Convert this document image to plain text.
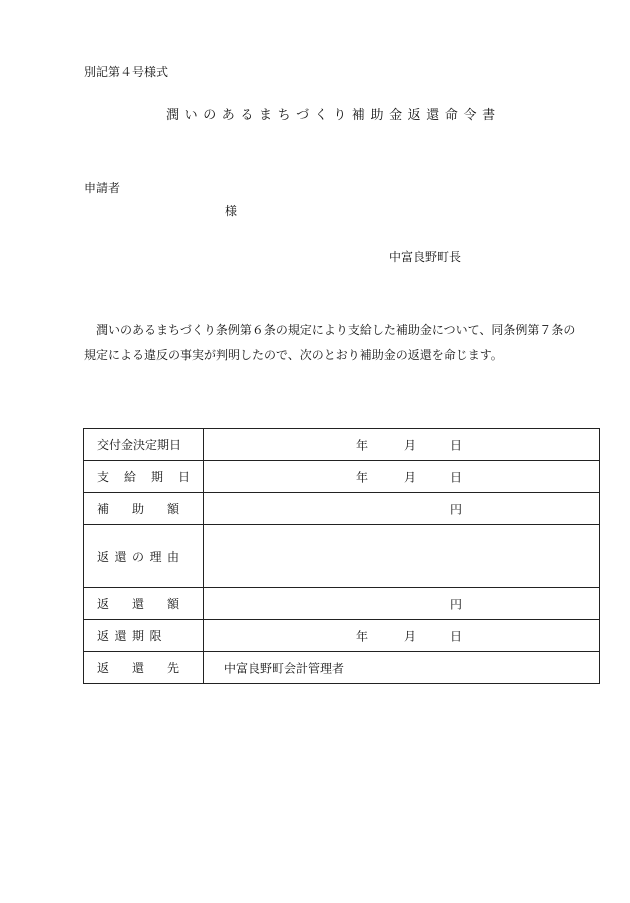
別記第４号様式
潤いのあるまちづくり補助金返還命令書
申請者
様
中富良野町長
潤いのあるまちづくり条例第６条の規定により支給した補助金について、同条例第７条の規定による違反の事実が判明したので、次のとおり補助金の返還を命じます。
交付金決定期日	年 月 日

支給期日	年 月 日

補助額	円

返還の理由	
返還額	円

返還期限	年 月 日

返還先	中富良野町会計管理者
